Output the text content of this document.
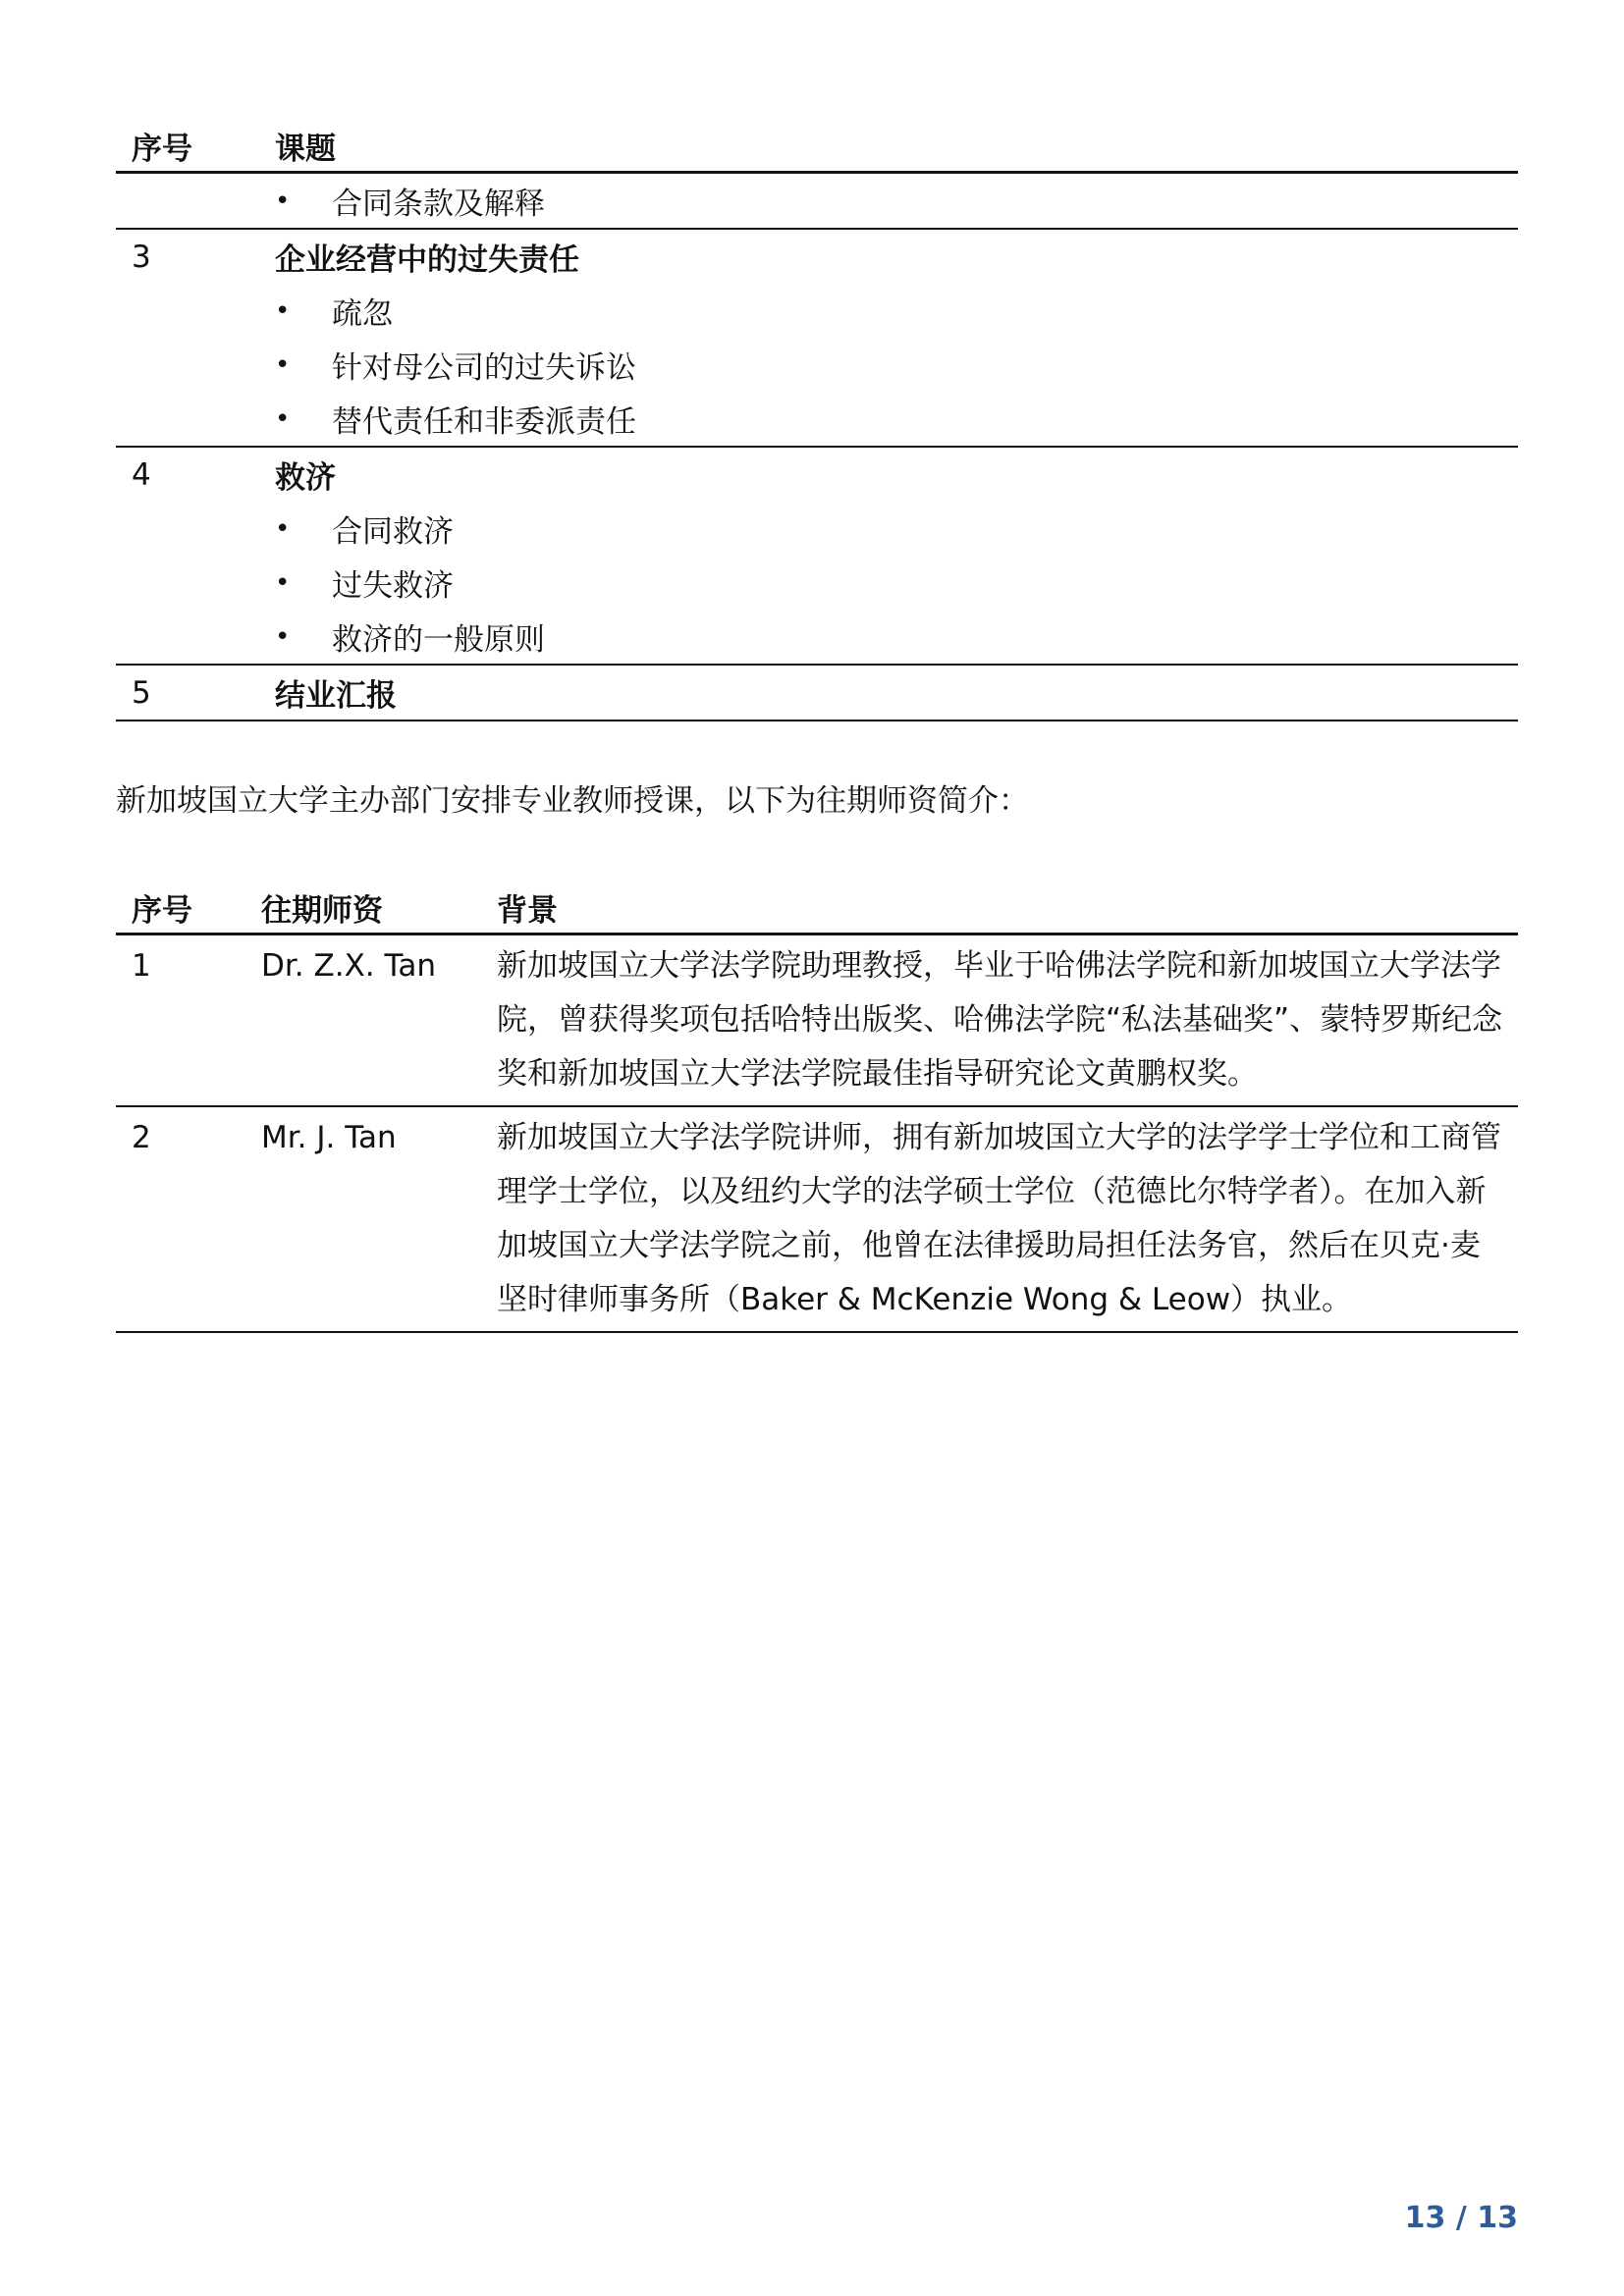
序号	课题

	• 合同条款及解释

3	企业经营中的过失责任

	• 疏忽

	• 针对母公司的过失诉讼

	• 替代责任和非委派责任

4	救济

	• 合同救济

	• 过失救济

	• 救济的一般原则

5	结业汇报

新加坡国立大学主办部门安排专业教师授课，以下为往期师资简介：

序号	往期师资	背景
1	Dr. Z.X. Tan	新加坡国立大学法学院助理教授，毕业于哈佛法学院和新加坡国立大学法学院，曾获得奖项包括哈特出版奖、哈佛法学院“私法基础奖”、蒙特罗斯纪念奖和新加坡国立大学法学院最佳指导研究论文黄鹏权奖。
2	Mr. J. Tan	新加坡国立大学法学院讲师，拥有新加坡国立大学的法学学士学位和工商管理学士学位，以及纽约大学的法学硕士学位（范德比尔特学者）。在加入新加坡国立大学法学院之前，他曾在法律援助局担任法务官，然后在贝克·麦坚时律师事务所（Baker & McKenzie Wong & Leow）执业。

13 / 13
